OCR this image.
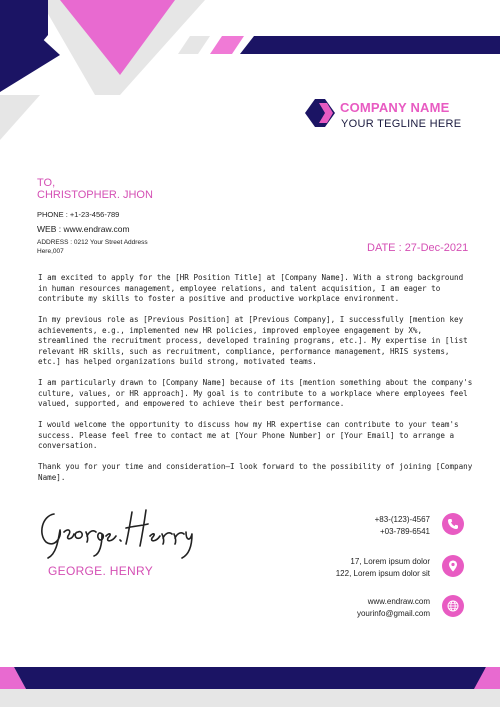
COMPANY NAME
YOUR TEGLINE HERE
TO,
CHRISTOPHER. JHON
PHONE : +1-23-456-789
WEB : www.endraw.com
ADDRESS : 0212 Your Street Address Here,007	DATE : 27-Dec-2021

I am excited to apply for the [HR Position Title] at [Company Name]. With a strong background in human resources management, employee relations, and talent acquisition, I am eager to contribute my skills to foster a positive and productive workplace environment.

In my previous role as [Previous Position] at [Previous Company], I successfully [mention key achievements, e.g., implemented new HR policies, improved employee engagement by X%, streamlined the recruitment process, developed training programs, etc.]. My expertise in [list relevant HR skills, such as recruitment, compliance, performance management, HRIS systems, etc.] has helped organizations build strong, motivated teams.

I am particularly drawn to [Company Name] because of its [mention something about the company's culture, values, or HR approach]. My goal is to contribute to a workplace where employees feel valued, supported, and empowered to achieve their best performance.

I would welcome the opportunity to discuss how my HR expertise can contribute to your team's success. Please feel free to contact me at [Your Phone Number] or [Your Email] to arrange a conversation.

Thank you for your time and consideration—I look forward to the possibility of joining [Company Name].

GEORGE. HENRY
+83-(123)-4567
+03-789-6541
17, Lorem ipsum dolor
122, Lorem ipsum dolor sit
www.endraw.com
yourinfo@gmail.com
